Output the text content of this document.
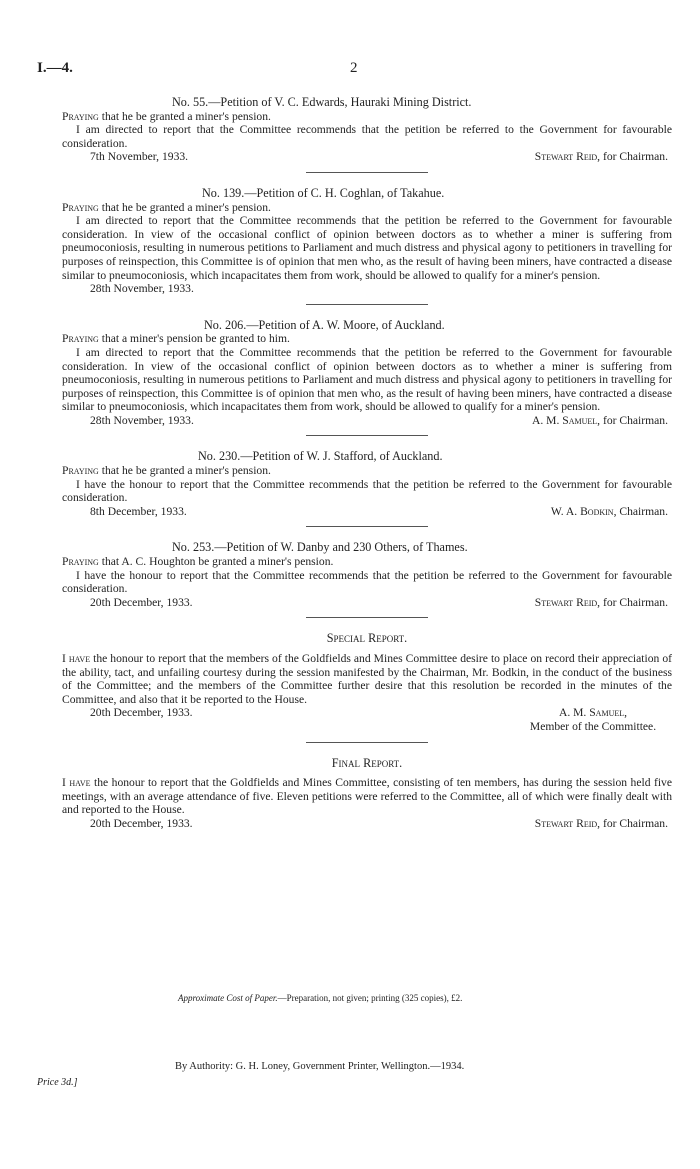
I.—4.	2
No. 55.—Petition of V. C. Edwards, Hauraki Mining District.

Praying that he be granted a miner's pension.

I am directed to report that the Committee recommends that the petition be referred to the Government for favourable consideration.

7th November, 1933.	Stewart Reid, for Chairman.
No. 139.—Petition of C. H. Coghlan, of Takahue.

Praying that he be granted a miner's pension.

I am directed to report that the Committee recommends that the petition be referred to the Government for favourable consideration. In view of the occasional conflict of opinion between doctors as to whether a miner is suffering from pneumoconiosis, resulting in numerous petitions to Parliament and much distress and physical agony to petitioners in travelling for purposes of reinspection, this Committee is of opinion that men who, as the result of having been miners, have contracted a disease similar to pneumoconiosis, which incapacitates them from work, should be allowed to qualify for a miner's pension.

28th November, 1933.
No. 206.—Petition of A. W. Moore, of Auckland.

Praying that a miner's pension be granted to him.

I am directed to report that the Committee recommends that the petition be referred to the Government for favourable consideration. In view of the occasional conflict of opinion between doctors as to whether a miner is suffering from pneumoconiosis, resulting in numerous petitions to Parliament and much distress and physical agony to petitioners in travelling for purposes of reinspection, this Committee is of opinion that men who, as the result of having been miners, have contracted a disease similar to pneumoconiosis, which incapacitates them from work, should be allowed to qualify for a miner's pension.

28th November, 1933.	A. M. Samuel, for Chairman.
No. 230.—Petition of W. J. Stafford, of Auckland.

Praying that he be granted a miner's pension.

I have the honour to report that the Committee recommends that the petition be referred to the Government for favourable consideration.

8th December, 1933.	W. A. Bodkin, Chairman.
No. 253.—Petition of W. Danby and 230 Others, of Thames.

Praying that A. C. Houghton be granted a miner's pension.

I have the honour to report that the Committee recommends that the petition be referred to the Government for favourable consideration.

20th December, 1933.	Stewart Reid, for Chairman.
Special Report.

I have the honour to report that the members of the Goldfields and Mines Committee desire to place on record their appreciation of the ability, tact, and unfailing courtesy during the session manifested by the Chairman, Mr. Bodkin, in the conduct of the business of the Committee; and the members of the Committee further desire that this resolution be recorded in the minutes of the Committee, and also that it be reported to the House.

20th December, 1933.	A. M. Samuel,
Member of the Committee.
Final Report.

I have the honour to report that the Goldfields and Mines Committee, consisting of ten members, has during the session held five meetings, with an average attendance of five. Eleven petitions were referred to the Committee, all of which were finally dealt with and reported to the House.

20th December, 1933.	Stewart Reid, for Chairman.
Approximate Cost of Paper.—Preparation, not given; printing (325 copies), £2.
By Authority: G. H. Loney, Government Printer, Wellington.—1934.
Price 3d.]
